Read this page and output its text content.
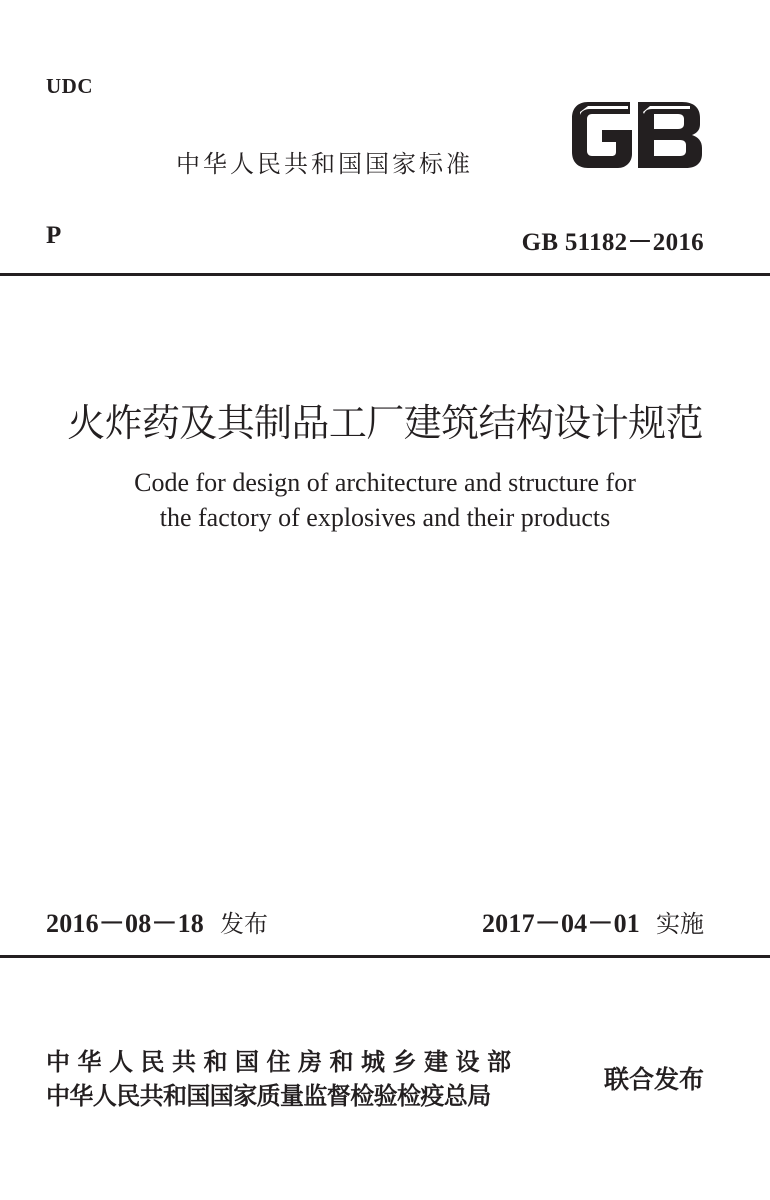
UDC
中华人民共和国国家标准
GB
P	GB 51182－2016
火炸药及其制品工厂建筑结构设计规范
Code for design of architecture and structure for
the factory of explosives and their products
2016－08－18 发布	2017－04－01 实施
中华人民共和国住房和城乡建设部
中华人民共和国国家质量监督检验检疫总局
联合发布
